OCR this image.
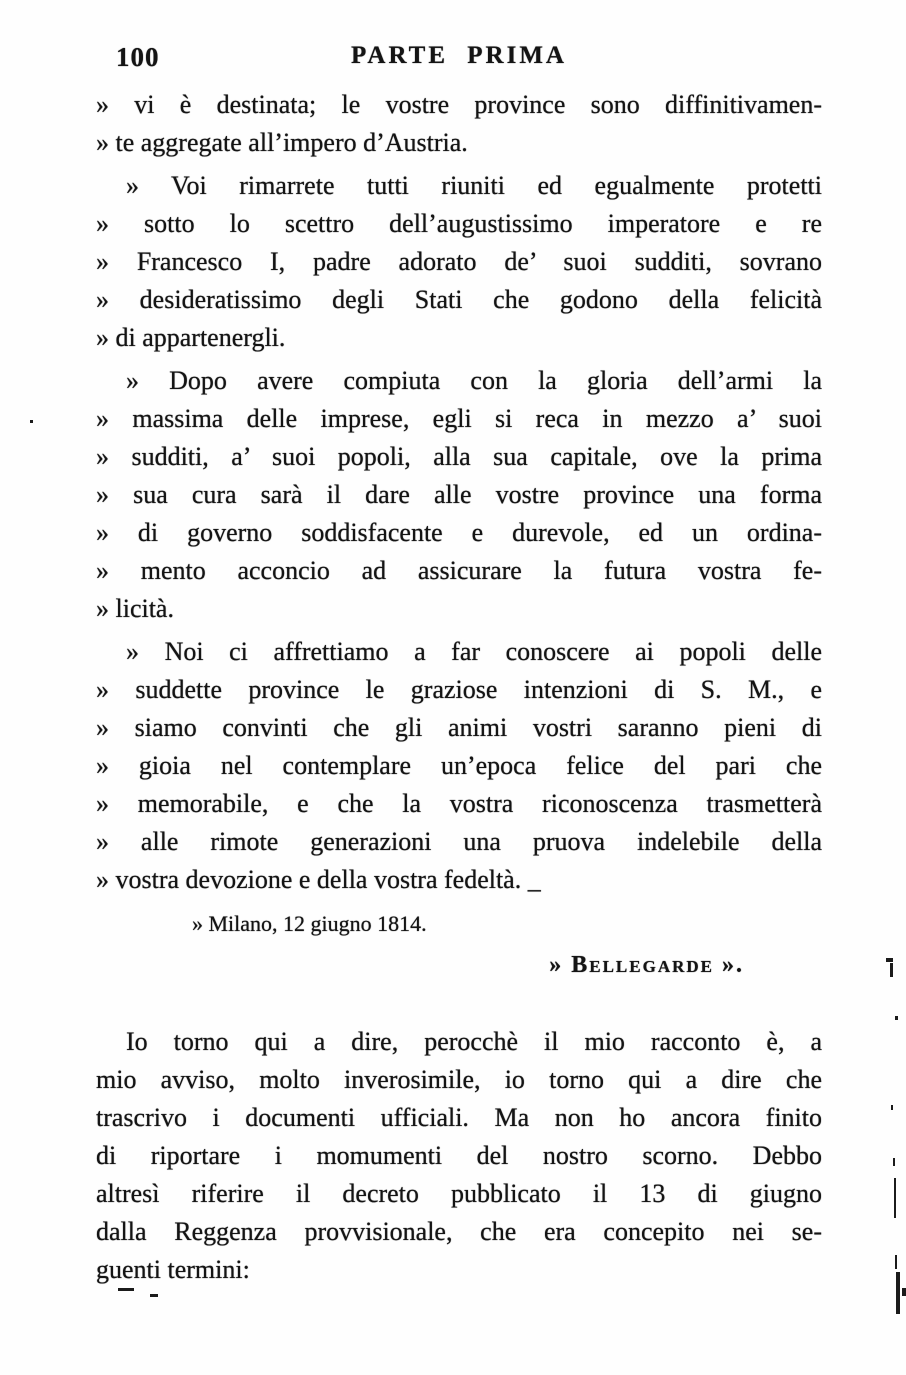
100	PARTE PRIMA
» vi è destinata; le vostre province sono diffinitivamen-
» te aggregate all’impero d’Austria.
» Voi rimarrete tutti riuniti ed egualmente protetti
» sotto lo scettro dell’augustissimo imperatore e re
» Francesco I, padre adorato de’ suoi sudditi, sovrano
» desideratissimo degli Stati che godono della felicità
» di appartenergli.
» Dopo avere compiuta con la gloria dell’armi la
» massima delle imprese, egli si reca in mezzo a’ suoi
» sudditi, a’ suoi popoli, alla sua capitale, ove la prima
» sua cura sarà il dare alle vostre province una forma
» di governo soddisfacente e durevole, ed un ordina-
» mento acconcio ad assicurare la futura vostra fe-
» licità.
» Noi ci affrettiamo a far conoscere ai popoli delle
» suddette province le graziose intenzioni di S. M., e
» siamo convinti che gli animi vostri saranno pieni di
» gioia nel contemplare un’epoca felice del pari che
» memorabile, e che la vostra riconoscenza trasmetterà
» alle rimote generazioni una pruova indelebile della
» vostra devozione e della vostra fedeltà. _
» Milano, 12 giugno 1814.
» Bellegarde ».
Io torno qui a dire, perocchè il mio racconto è, a
mio avviso, molto inverosimile, io torno qui a dire che
trascrivo i documenti ufficiali. Ma non ho ancora finito
di riportare i momumenti del nostro scorno. Debbo
altresì riferire il decreto pubblicato il 13 di giugno
dalla Reggenza provvisionale, che era concepito nei se-
guenti termini:
